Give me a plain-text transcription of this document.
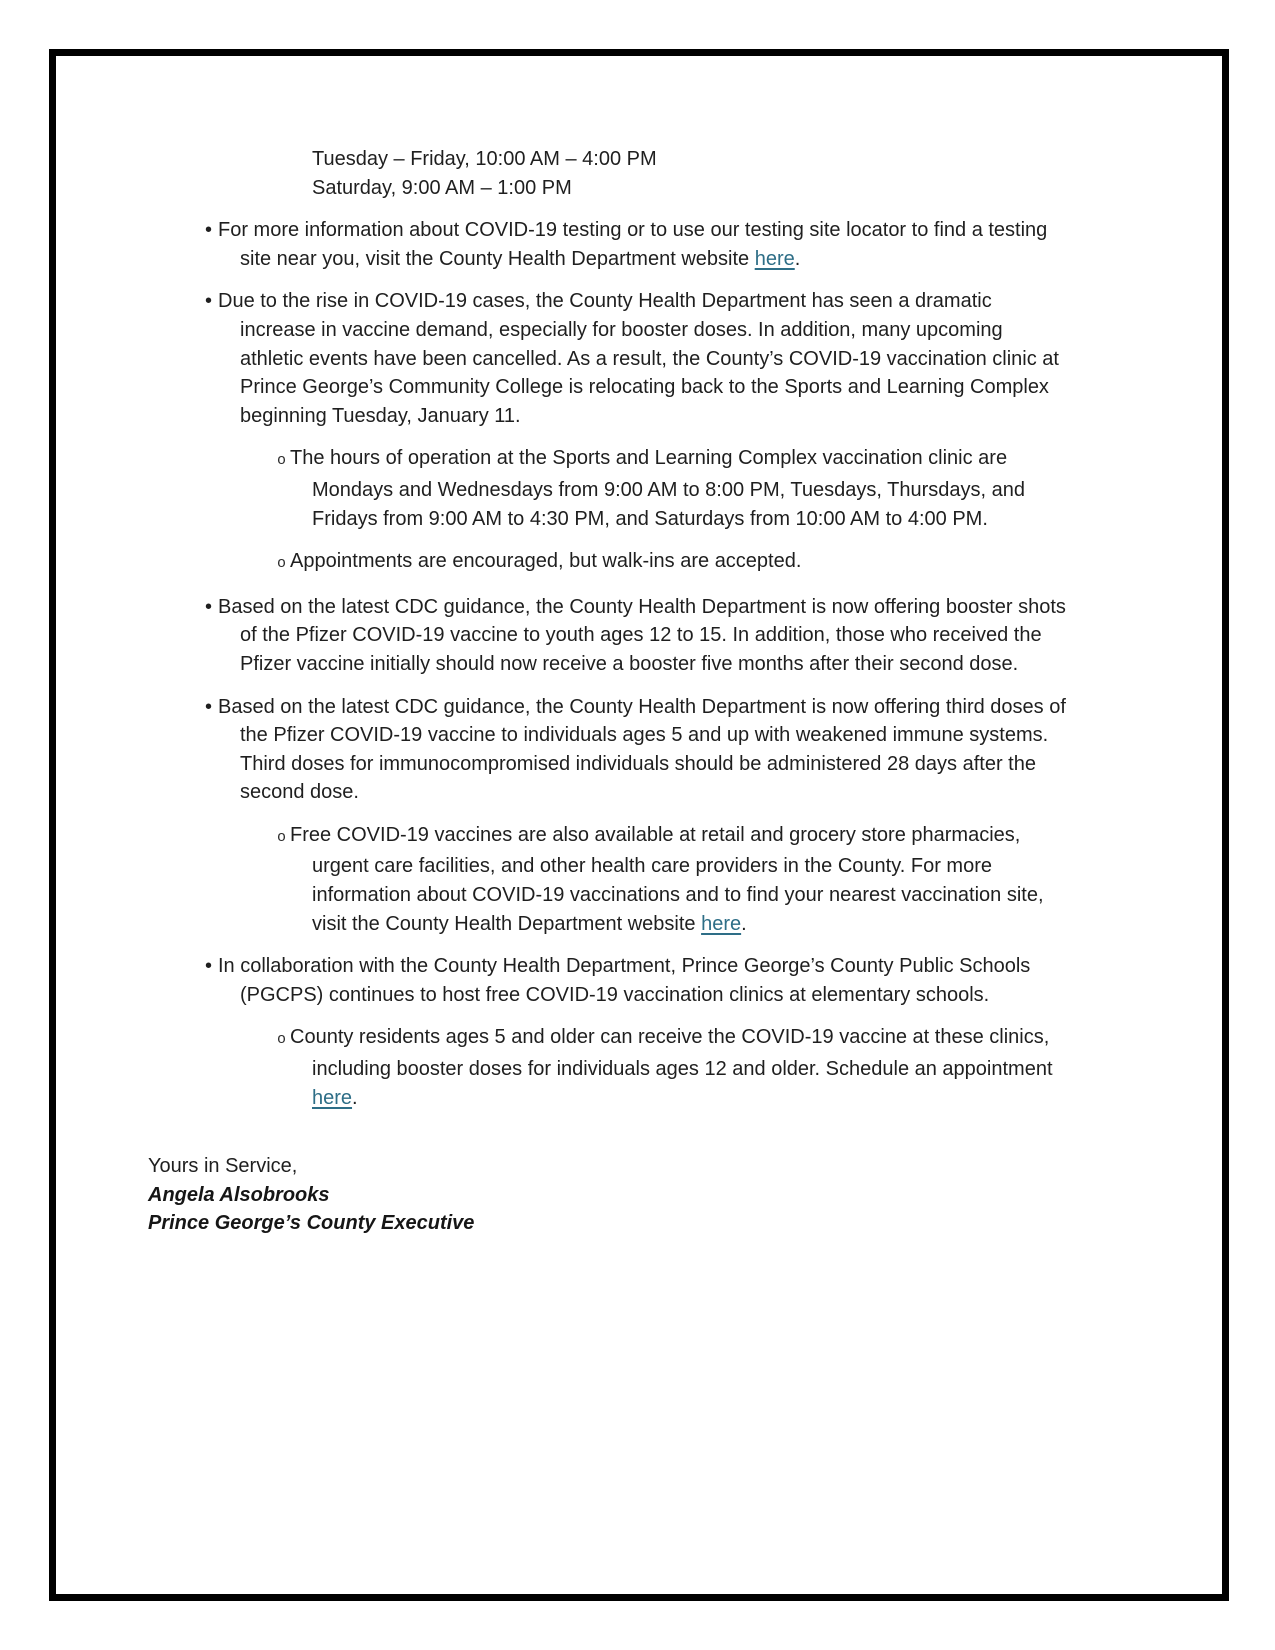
Tuesday – Friday, 10:00 AM – 4:00 PM
Saturday, 9:00 AM – 1:00 PM
• For more information about COVID-19 testing or to use our testing site locator to find a testing site near you, visit the County Health Department website here.
• Due to the rise in COVID-19 cases, the County Health Department has seen a dramatic increase in vaccine demand, especially for booster doses. In addition, many upcoming athletic events have been cancelled. As a result, the County’s COVID-19 vaccination clinic at Prince George’s Community College is relocating back to the Sports and Learning Complex beginning Tuesday, January 11.
o The hours of operation at the Sports and Learning Complex vaccination clinic are Mondays and Wednesdays from 9:00 AM to 8:00 PM, Tuesdays, Thursdays, and Fridays from 9:00 AM to 4:30 PM, and Saturdays from 10:00 AM to 4:00 PM.
o Appointments are encouraged, but walk-ins are accepted.
• Based on the latest CDC guidance, the County Health Department is now offering booster shots of the Pfizer COVID-19 vaccine to youth ages 12 to 15. In addition, those who received the Pfizer vaccine initially should now receive a booster five months after their second dose.
• Based on the latest CDC guidance, the County Health Department is now offering third doses of the Pfizer COVID-19 vaccine to individuals ages 5 and up with weakened immune systems. Third doses for immunocompromised individuals should be administered 28 days after the second dose.
o Free COVID-19 vaccines are also available at retail and grocery store pharmacies, urgent care facilities, and other health care providers in the County. For more information about COVID-19 vaccinations and to find your nearest vaccination site, visit the County Health Department website here.
• In collaboration with the County Health Department, Prince George’s County Public Schools (PGCPS) continues to host free COVID-19 vaccination clinics at elementary schools.
o County residents ages 5 and older can receive the COVID-19 vaccine at these clinics, including booster doses for individuals ages 12 and older. Schedule an appointment here.

Yours in Service,

Angela Alsobrooks

Prince George’s County Executive
